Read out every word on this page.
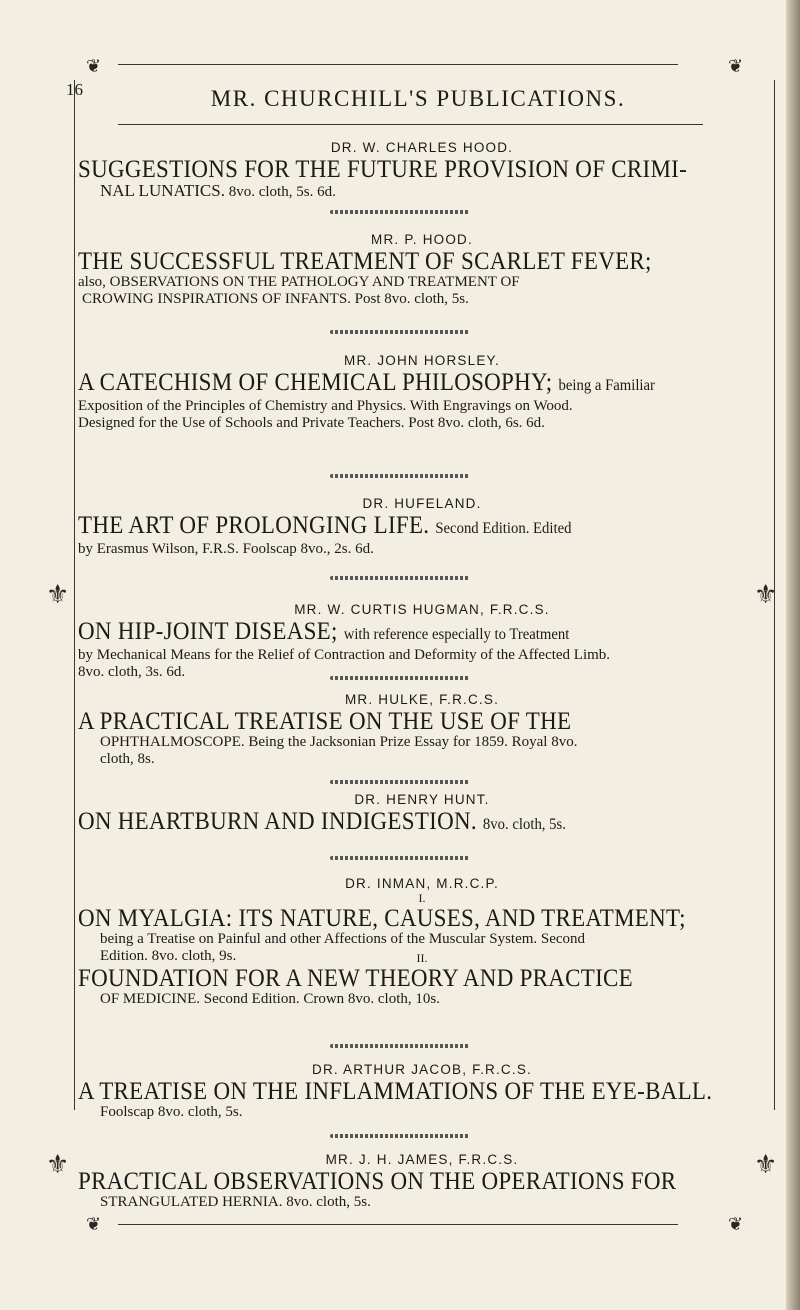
❦	❦
16	MR. CHURCHILL'S PUBLICATIONS.

DR. W. CHARLES HOOD.

SUGGESTIONS FOR THE FUTURE PROVISION OF CRIMI-

NAL LUNATICS. 8vo. cloth, 5s. 6d.

MR. P. HOOD.

THE SUCCESSFUL TREATMENT OF SCARLET FEVER;

also, OBSERVATIONS ON THE PATHOLOGY AND TREATMENT OF

CROWING INSPIRATIONS OF INFANTS. Post 8vo. cloth, 5s.

MR. JOHN HORSLEY.

A CATECHISM OF CHEMICAL PHILOSOPHY; being a Familiar

Exposition of the Principles of Chemistry and Physics. With Engravings on Wood.

Designed for the Use of Schools and Private Teachers. Post 8vo. cloth, 6s. 6d.

DR. HUFELAND.

THE ART OF PROLONGING LIFE. Second Edition. Edited

by Erasmus Wilson, F.R.S. Foolscap 8vo., 2s. 6d.

⚜	⚜

MR. W. CURTIS HUGMAN, F.R.C.S.

ON HIP-JOINT DISEASE; with reference especially to Treatment

by Mechanical Means for the Relief of Contraction and Deformity of the Affected Limb.

8vo. cloth, 3s. 6d.

MR. HULKE, F.R.C.S.

A PRACTICAL TREATISE ON THE USE OF THE

OPHTHALMOSCOPE. Being the Jacksonian Prize Essay for 1859. Royal 8vo.

cloth, 8s.

DR. HENRY HUNT.

ON HEARTBURN AND INDIGESTION. 8vo. cloth, 5s.

DR. INMAN, M.R.C.P.

I.

ON MYALGIA: ITS NATURE, CAUSES, AND TREATMENT;

being a Treatise on Painful and other Affections of the Muscular System. Second

Edition. 8vo. cloth, 9s.	II.

FOUNDATION FOR A NEW THEORY AND PRACTICE

OF MEDICINE. Second Edition. Crown 8vo. cloth, 10s.

DR. ARTHUR JACOB, F.R.C.S.

A TREATISE ON THE INFLAMMATIONS OF THE EYE-BALL.

Foolscap 8vo. cloth, 5s.

MR. J. H. JAMES, F.R.C.S.

PRACTICAL OBSERVATIONS ON THE OPERATIONS FOR

STRANGULATED HERNIA. 8vo. cloth, 5s.

⚜	⚜
❦	❦
